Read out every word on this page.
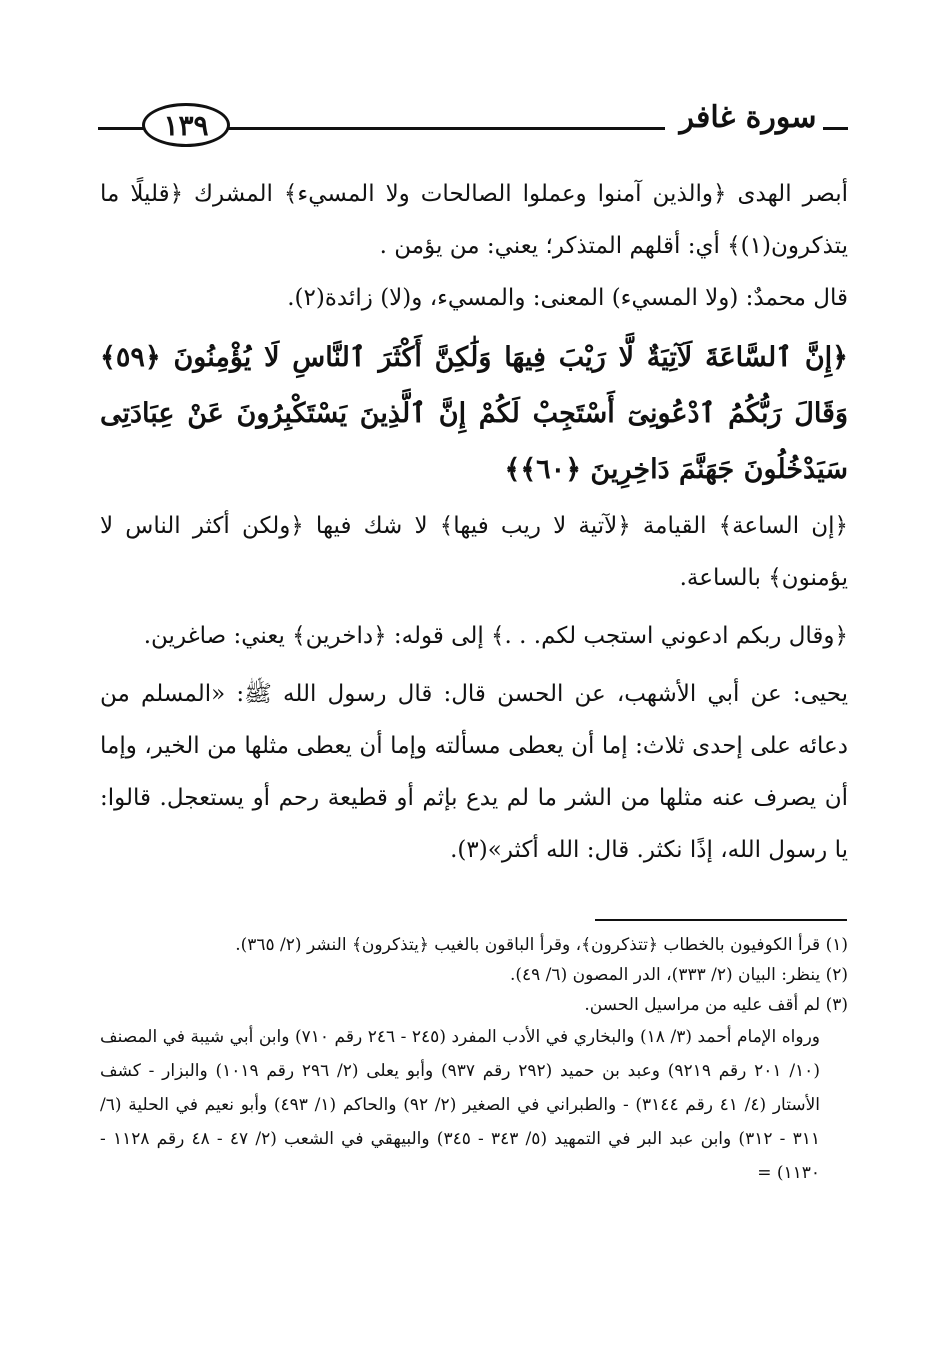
١٣٩	سورة غافر

أبصر الهدى ﴿والذين آمنوا وعملوا الصالحات ولا المسيء﴾ المشرك ﴿قليلًا ما يتذكرون(١)﴾ أي: أقلهم المتذكر؛ يعني: من يؤمن .

قال محمدٌ: (ولا المسيء) المعنى: والمسيء، و(لا) زائدة(٢).

﴿إِنَّ ٱلسَّاعَةَ لَآتِيَةٌ لَّا رَيْبَ فِيهَا وَلَٰكِنَّ أَكْثَرَ ٱلنَّاسِ لَا يُؤْمِنُونَ ﴿٥٩﴾ وَقَالَ رَبُّكُمُ ٱدْعُونِىٓ أَسْتَجِبْ لَكُمْ إِنَّ ٱلَّذِينَ يَسْتَكْبِرُونَ عَنْ عِبَادَتِى سَيَدْخُلُونَ جَهَنَّمَ دَاخِرِينَ ﴿٦٠﴾﴾

﴿إن الساعة﴾ القيامة ﴿لآتية لا ريب فيها﴾ لا شك فيها ﴿ولكن أكثر الناس لا يؤمنون﴾ بالساعة.

﴿وقال ربكم ادعوني استجب لكم. . .﴾ إلى قوله: ﴿داخرين﴾ يعني: صاغرين.

يحيى: عن أبي الأشهب، عن الحسن قال: قال رسول الله ﷺ: «المسلم من دعائه على إحدى ثلاث: إما أن يعطى مسألته وإما أن يعطى مثلها من الخير، وإما أن يصرف عنه مثلها من الشر ما لم يدع بإثم أو قطيعة رحم أو يستعجل. قالوا: يا رسول الله، إذًا نكثر. قال: الله أكثر»(٣).

(١) قرأ الكوفيون بالخطاب ﴿تتذكرون﴾، وقرأ الباقون بالغيب ﴿يتذكرون﴾ النشر (٢/ ٣٦٥).

(٢) ينظر: البيان (٢/ ٣٣٣)، الدر المصون (٦/ ٤٩).

(٣) لم أقف عليه من مراسيل الحسن.

ورواه الإمام أحمد (٣/ ١٨) والبخاري في الأدب المفرد (٢٤٥ - ٢٤٦ رقم ٧١٠) وابن أبي شيبة في المصنف (١٠/ ٢٠١ رقم ٩٢١٩) وعبد بن حميد (٢٩٢ رقم ٩٣٧) وأبو يعلى (٢/ ٢٩٦ رقم ١٠١٩) والبزار - كشف الأستار (٤/ ٤١ رقم ٣١٤٤) - والطبراني في الصغير (٢/ ٩٢) والحاكم (١/ ٤٩٣) وأبو نعيم في الحلية (٦/ ٣١١ - ٣١٢) وابن عبد البر في التمهيد (٥/ ٣٤٣ - ٣٤٥) والبيهقي في الشعب (٢/ ٤٧ - ٤٨ رقم ١١٢٨ - ١١٣٠) =
